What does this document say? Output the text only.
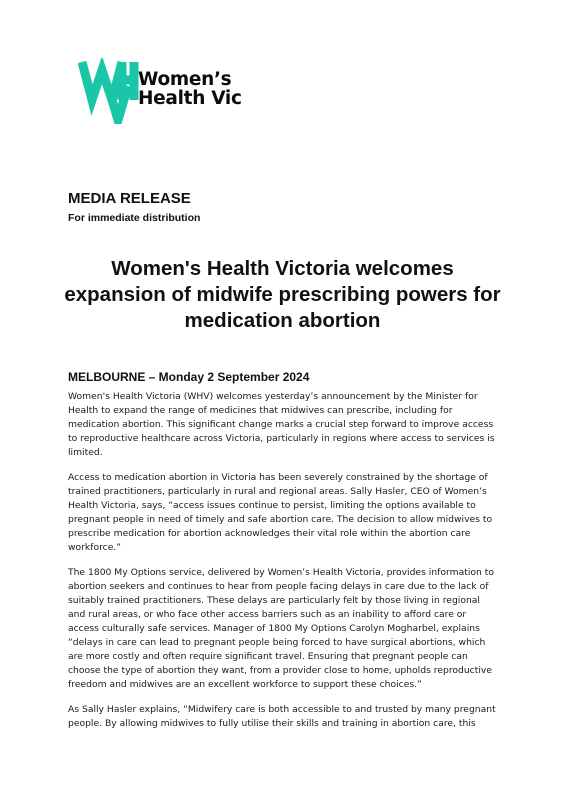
Women’s
Health Vic
MEDIA RELEASE
For immediate distribution
Women's Health Victoria welcomes expansion of midwife prescribing powers for medication abortion
MELBOURNE – Monday 2 September 2024

Women's Health Victoria (WHV) welcomes yesterday’s announcement by the Minister for Health to expand the range of medicines that midwives can prescribe, including for medication abortion. This significant change marks a crucial step forward to improve access to reproductive healthcare across Victoria, particularly in regions where access to services is limited.

Access to medication abortion in Victoria has been severely constrained by the shortage of trained practitioners, particularly in rural and regional areas. Sally Hasler, CEO of Women’s Health Victoria, says, “access issues continue to persist, limiting the options available to pregnant people in need of timely and safe abortion care. The decision to allow midwives to prescribe medication for abortion acknowledges their vital role within the abortion care workforce.”

The 1800 My Options service, delivered by Women’s Health Victoria, provides information to abortion seekers and continues to hear from people facing delays in care due to the lack of suitably trained practitioners. These delays are particularly felt by those living in regional and rural areas, or who face other access barriers such as an inability to afford care or access culturally safe services. Manager of 1800 My Options Carolyn Mogharbel, explains “delays in care can lead to pregnant people being forced to have surgical abortions, which are more costly and often require significant travel. Ensuring that pregnant people can choose the type of abortion they want, from a provider close to home, upholds reproductive freedom and midwives are an excellent workforce to support these choices.”

As Sally Hasler explains, “Midwifery care is both accessible to and trusted by many pregnant people. By allowing midwives to fully utilise their skills and training in abortion care, this
